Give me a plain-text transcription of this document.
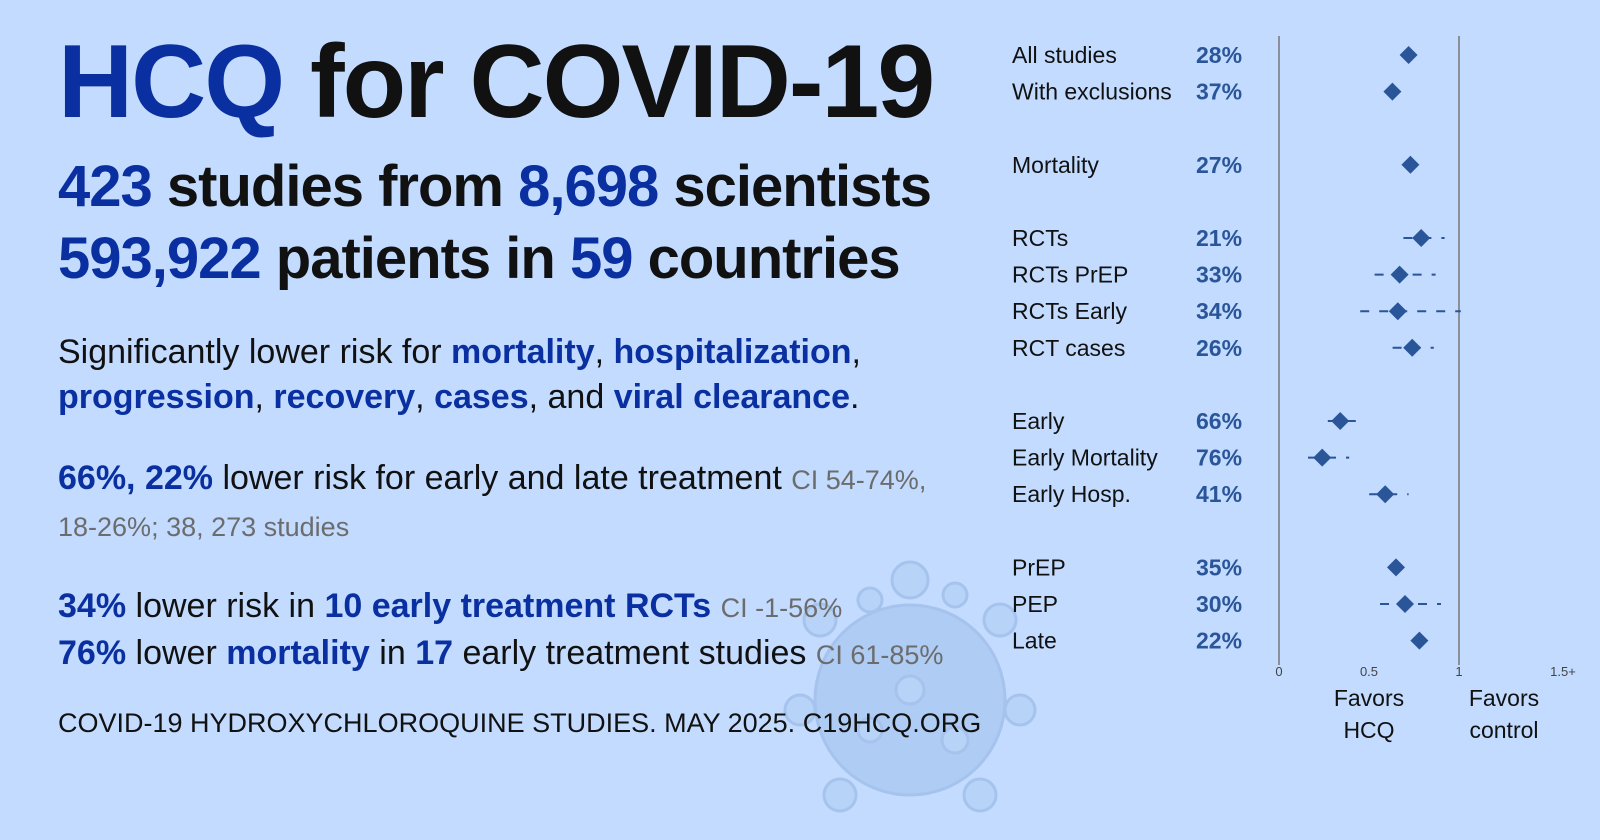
HCQ for COVID-19
423 studies from 8,698 scientists
593,922 patients in 59 countries
Significantly lower risk for mortality, hospitalization,
progression, recovery, cases, and viral clearance.
66%, 22% lower risk for early and late treatment CI 54-74%,
18-26%; 38, 273 studies
34% lower risk in 10 early treatment RCTs CI -1-56%
76% lower mortality in 17 early treatment studies CI 61-85%
COVID-19 HYDROXYCHLOROQUINE STUDIES. MAY 2025. C19HCQ.ORG
All studies	28%
With exclusions 37%
Mortality	27%
RCTs	21%
RCTs PrEP	33%
RCTs Early	34%
RCT cases	26%
Early	66%
Early Mortality 76%
Early Hosp.	41%
PrEP	35%
PEP	30%
Late	22%
0	0.5	1	1.5+
Favors
HCQ
Favors
control
